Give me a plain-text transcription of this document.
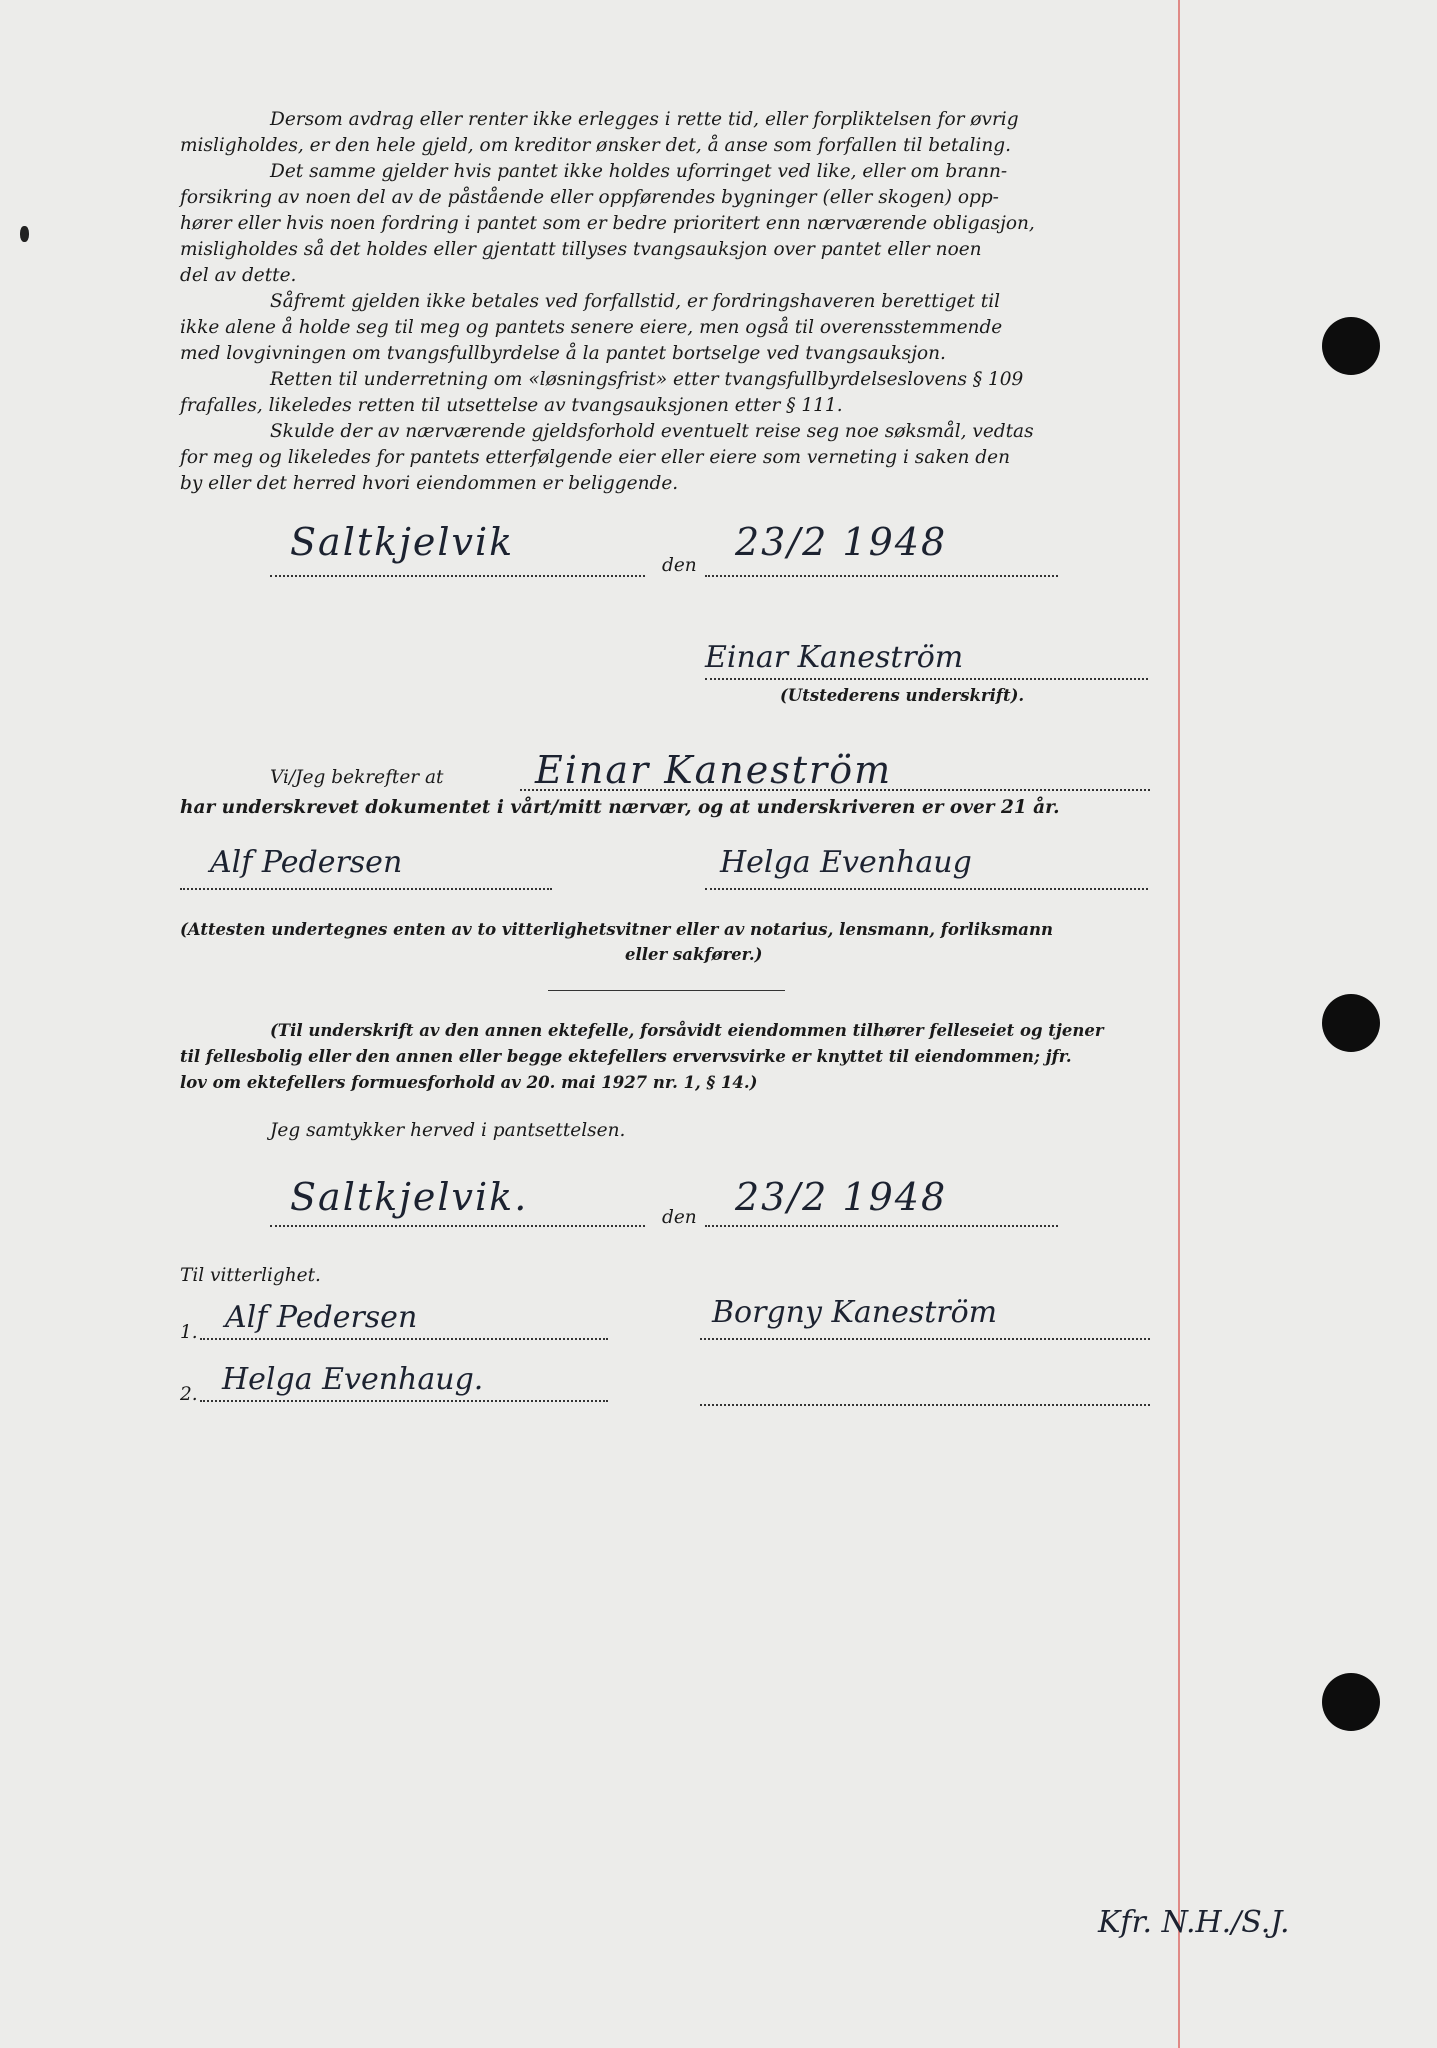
Dersom avdrag eller renter ikke erlegges i rette tid, eller forpliktelsen for øvrig
misligholdes, er den hele gjeld, om kreditor ønsker det, å anse som forfallen til betaling.
Det samme gjelder hvis pantet ikke holdes uforringet ved like, eller om brann-
forsikring av noen del av de påstående eller oppførendes bygninger (eller skogen) opp-
hører eller hvis noen fordring i pantet som er bedre prioritert enn nærværende obligasjon,
misligholdes så det holdes eller gjentatt tillyses tvangsauksjon over pantet eller noen
del av dette.
Såfremt gjelden ikke betales ved forfallstid, er fordringshaveren berettiget til
ikke alene å holde seg til meg og pantets senere eiere, men også til overensstemmende
med lovgivningen om tvangsfullbyrdelse å la pantet bortselge ved tvangsauksjon.
Retten til underretning om «løsningsfrist» etter tvangsfullbyrdelseslovens § 109
frafalles, likeledes retten til utsettelse av tvangsauksjonen etter § 111.
Skulde der av nærværende gjeldsforhold eventuelt reise seg noe søksmål, vedtas
for meg og likeledes for pantets etterfølgende eier eller eiere som verneting i saken den
by eller det herred hvori eiendommen er beliggende.
Saltkjelvik
den
23/2 1948
Einar Kaneström
(Utstederens underskrift).
Vi/Jeg bekrefter at Einar Kaneström
har underskrevet dokumentet i vårt/mitt nærvær, og at underskriveren er over 21 år.
Alf Pedersen	Helga Evenhaug
(Attesten undertegnes enten av to vitterlighetsvitner eller av notarius, lensmann, forliksmann
eller sakfører.)
(Til underskrift av den annen ektefelle, forsåvidt eiendommen tilhører felleseiet og tjener
til fellesbolig eller den annen eller begge ektefellers ervervsvirke er knyttet til eiendommen; jfr.
lov om ektefellers formuesforhold av 20. mai 1927 nr. 1, § 14.)
Jeg samtykker herved i pantsettelsen.
Saltkjelvik.	den 23/2 1948
Til vitterlighet.
1. Alf Pedersen
2. Helga Evenhaug.
Borgny Kaneström
Kfr. N.H./S.J.
